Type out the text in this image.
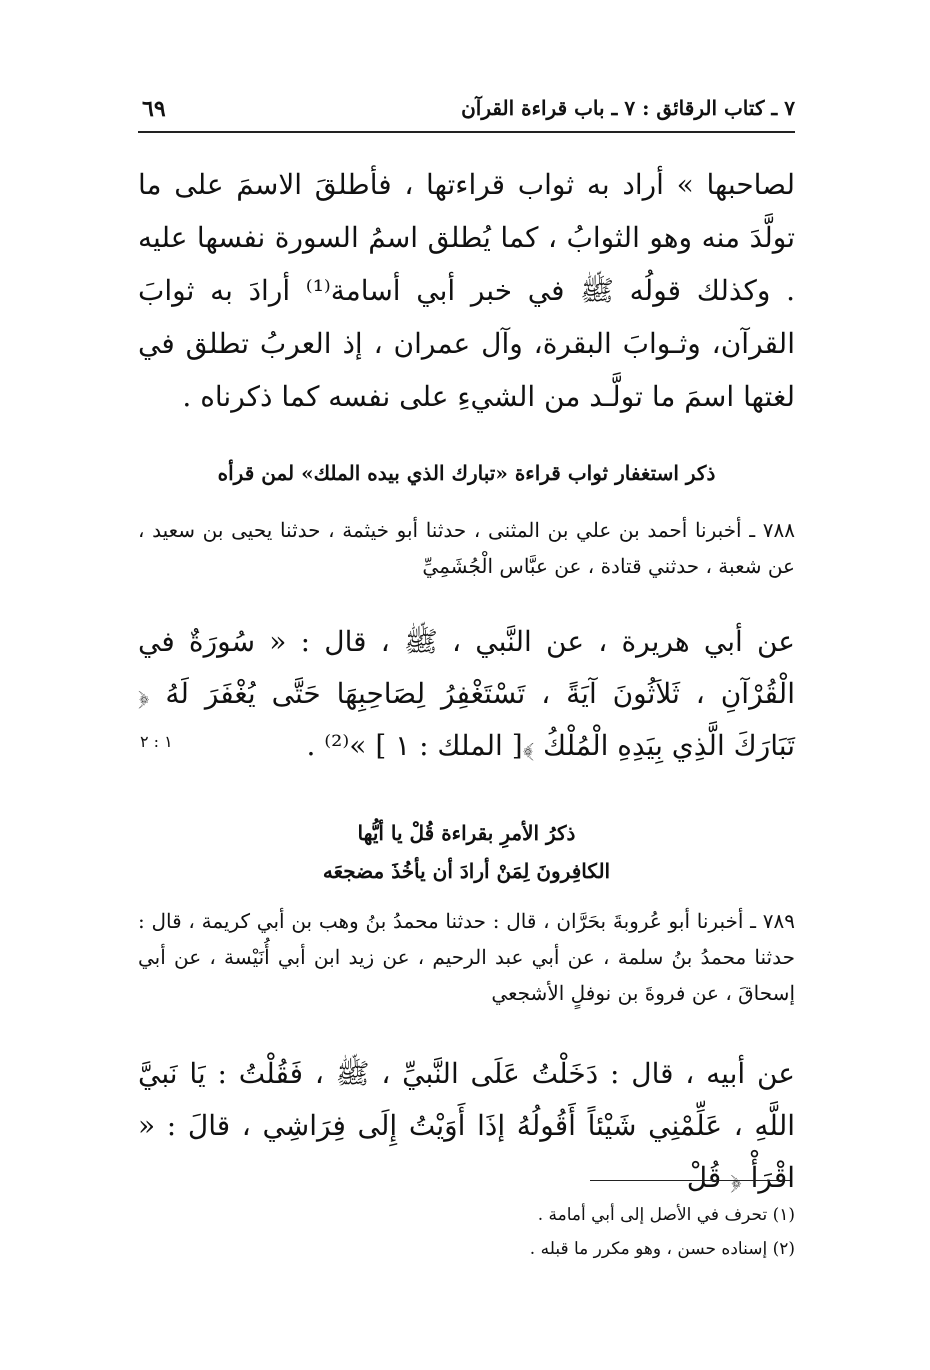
٧ ـ كتاب الرقائق : ٧ ـ باب قراءة القرآن
٦٩
لصاحبها » أراد به ثواب قراءتها ، فأطلقَ الاسمَ على ما تولَّدَ منه وهو الثوابُ ، كما يُطلق اسمُ السورة نفسها عليه . وكذلك قولُه ﷺ في خبر أبي أسامة⁽¹⁾ أرادَ به ثوابَ القرآن، وثـوابَ البقرة، وآل عمران ، إذ العربُ تطلق في لغتها اسمَ ما تولَّـد من الشيءِ على نفسه كما ذكرناه .
ذكر استغفار ثواب قراءة «تبارك الذي بيده الملك» لمن قرأه
٧٨٨ ـ أخبرنا أحمد بن علي بن المثنى ، حدثنا أبو خيثمة ، حدثنا يحيى بن سعيد ، عن شعبة ، حدثني قتادة ، عن عبَّاس الْجُشَمِيِّ
عن أبي هريرة ، عن النَّبي ، ﷺ ، قال : « سُورَةٌ في الْقُرْآنِ ، ثَلاَثُونَ آيَةً ، تَسْتَغْفِرُ لِصَاحِبِهَا حَتَّى يُغْفَرَ لَهُ ﴿ تَبَارَكَ الَّذِي بِيَدِهِ الْمُلْكُ ﴾[ الملك : ١ ] »⁽²⁾ .
١ : ٢
ذكرُ الأمرِ بقراءة قُلْ يا أيُّها
الكافِرونَ لِمَنْ أرادَ أن يأخُذَ مضجعَه
٧٨٩ ـ أخبرنا أبو عُروبةَ بحَرَّان ، قال : حدثنا محمدُ بنُ وهب بن أبي كريمة ، قال : حدثنا محمدُ بنُ سلمة ، عن أبي عبد الرحيم ، عن زيد ابن أبي أُنَيْسة ، عن أبي إسحاقَ ، عن فروةَ بن نوفلٍ الأشجعي
عن أبيه ، قال : دَخَلْتُ عَلَى النَّبيِّ ، ﷺ ، فَقُلْتُ : يَا نَبيَّ اللَّهِ ، عَلِّمْنِي شَيْئاً أَقُولُهُ إذَا أَوَيْتُ إِلَى فِرَاشِي ، قالَ : « اقْرَأْ ﴿ قُلْ
(١) تحرف في الأصل إلى أبي أمامة .
(٢) إسناده حسن ، وهو مكرر ما قبله .
